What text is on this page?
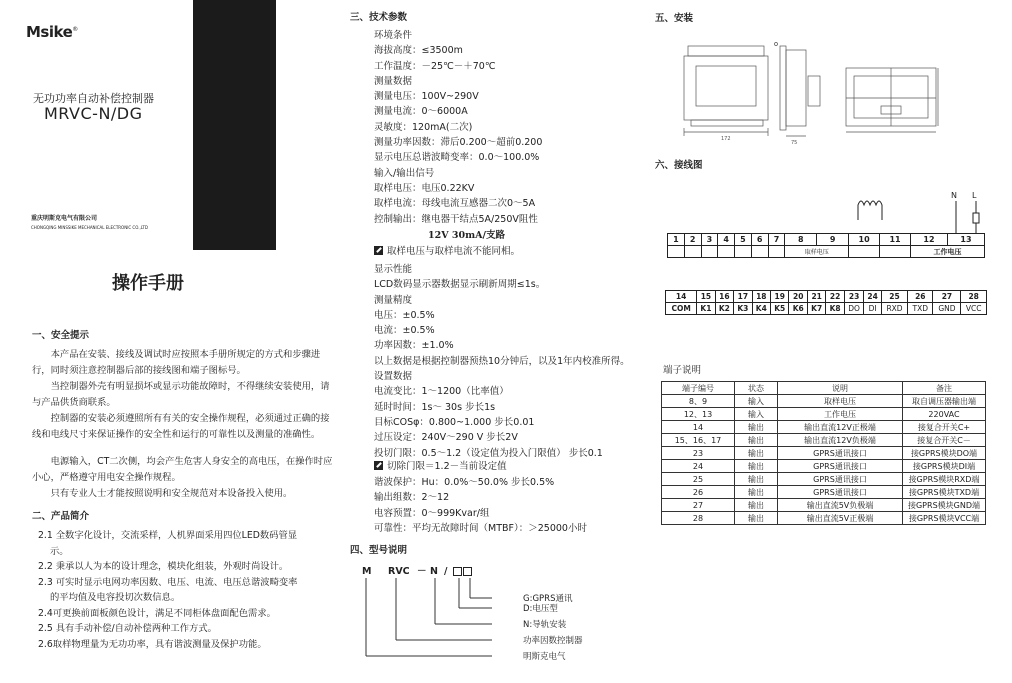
Msike®
无功功率自动补偿控制器
MRVC-N/DG
重庆明斯克电气有限公司
CHONGQING MINSSIKE MECHANICAL ELECTRONIC CO.,LTD
操作手册
一、安全提示
本产品在安装、接线及调试时应按照本手册所规定的方式和步骤进行，同时须注意控制器后部的接线图和端子图标号。
当控制器外壳有明显损坏或显示功能故障时，不得继续安装使用，请与产品供货商联系。
控制器的安装必须遵照所有有关的安全操作规程，必须通过正确的接线和电线尺寸来保证操作的安全性和运行的可靠性以及测量的准确性。
电源输入，CT二次侧，均会产生危害人身安全的高电压，在操作时应小心，严格遵守用电安全操作规程。
只有专业人士才能按照说明和安全规范对本设备投入使用。
二、产品简介
2.1 全数字化设计，交流采样，人机界面采用四位LED数码管显
示。
2.2 秉承以人为本的设计理念，模块化组装，外观时尚设计。
2.3 可实时显示电网功率因数、电压、电流、电压总谐波畸变率
的平均值及电容投切次数信息。
2.4可更换前面板颜色设计，满足不同柜体盘面配色需求。
2.5 具有手动补偿/自动补偿两种工作方式。
2.6取样物理量为无功功率，具有谐波测量及保护功能。
三、技术参数
环境条件
海拔高度：≤3500m
工作温度：－25℃－＋70℃
测量数据
测量电压：100V~290V
测量电流：0～6000A
灵敏度：120mA(二次)
测量功率因数：滞后0.200～超前0.200
显示电压总谐波畸变率：0.0～100.0%
输入/输出信号
取样电压：电压0.22KV
取样电流：母线电流互感器二次0～5A
控制输出：继电器干结点5A/250V阻性
12V 30mA/支路
取样电压与取样电流不能同相。
显示性能
LCD数码显示器数据显示刷新周期≤1s。
测量精度
电压：±0.5%
电流：±0.5%
功率因数：±1.0%
以上数据是根据控制器预热10分钟后，以及1年内校准所得。
设置数据
电流变比：1～1200（比率值）
延时时间：1s～ 30s 步长1s
目标COSφ：0.800~1.000 步长0.01
过压设定：240V～290 V 步长2V
投切门限：0.5～1.2（设定值为投入门限值） 步长0.1
切除门限＝1.2－当前设定值
谐波保护：Hu：0.0%～50.0% 步长0.5%
输出组数：2～12
电容预置：0～999Kvar/组
可靠性：平均无故障时间（MTBF）：＞25000小时
四、型号说明
M RVC － N /
G:GPRS通讯
D:电压型
N:导轨安装
功率因数控制器
明斯克电气
五、安装
172
75
六、接线图
N L
1	2	3	4	5	6	7	8	9	10	11	12	13
							取样电压				工作电压	
14	15	16	17	18	19	20	21	22	23	24	25	26	27	28
COM	K1	K2	K3	K4	K5	K6	K7	K8	DO	DI	RXD	TXD	GND	VCC
端子说明
端子编号	状态	说明	备注
8、9	输入	取样电压	取自调压器输出端
12、13	输入	工作电压	220VAC
14	输出	输出直流12V正极端	接复合开关C+
15、16、17	输出	输出直流12V负极端	接复合开关C－
23	输出	GPRS通讯接口	接GPRS模块DO端
24	输出	GPRS通讯接口	接GPRS模块DI端
25	输出	GPRS通讯接口	接GPRS模块RXD端
26	输出	GPRS通讯接口	接GPRS模块TXD端
27	输出	输出直流5V负极端	接GPRS模块GND端
28	输出	输出直流5V正极端	接GPRS模块VCC端
